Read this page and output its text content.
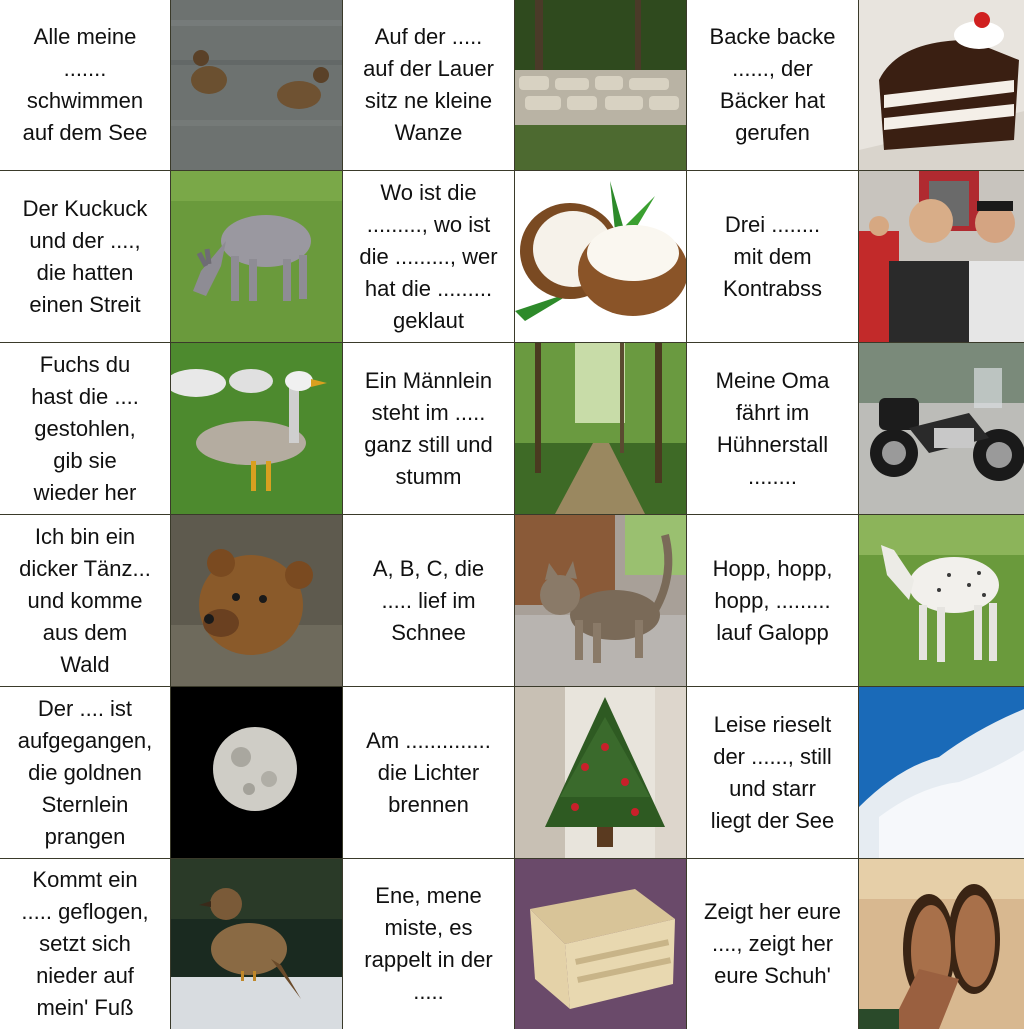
Alle meine
.......
schwimmen
auf dem See
Auf der .....
auf der Lauer
sitz ne kleine
Wanze
Backe backe
......, der
Bäcker hat
gerufen
Der Kuckuck
und der ....,
die hatten
einen Streit
Wo ist die
........., wo ist
die ........., wer
hat die .........
geklaut
Drei ........
mit dem
Kontrabss
Fuchs du
hast die ....
gestohlen,
gib sie
wieder her
Ein Männlein
steht im .....
ganz still und
stumm
Meine Oma
fährt im
Hühnerstall
........
Ich bin ein
dicker Tänz...
und komme
aus dem
Wald
A, B, C, die
..... lief im
Schnee
Hopp, hopp,
hopp, .........
lauf Galopp
Der .... ist
aufgegangen,
die goldnen
Sternlein
prangen
Am ..............
die Lichter
brennen
Leise rieselt
der ......, still
und starr
liegt der See
Kommt ein
..... geflogen,
setzt sich
nieder auf
mein' Fuß
Ene, mene
miste, es
rappelt in der
.....
Zeigt her eure
...., zeigt her
eure Schuh'
